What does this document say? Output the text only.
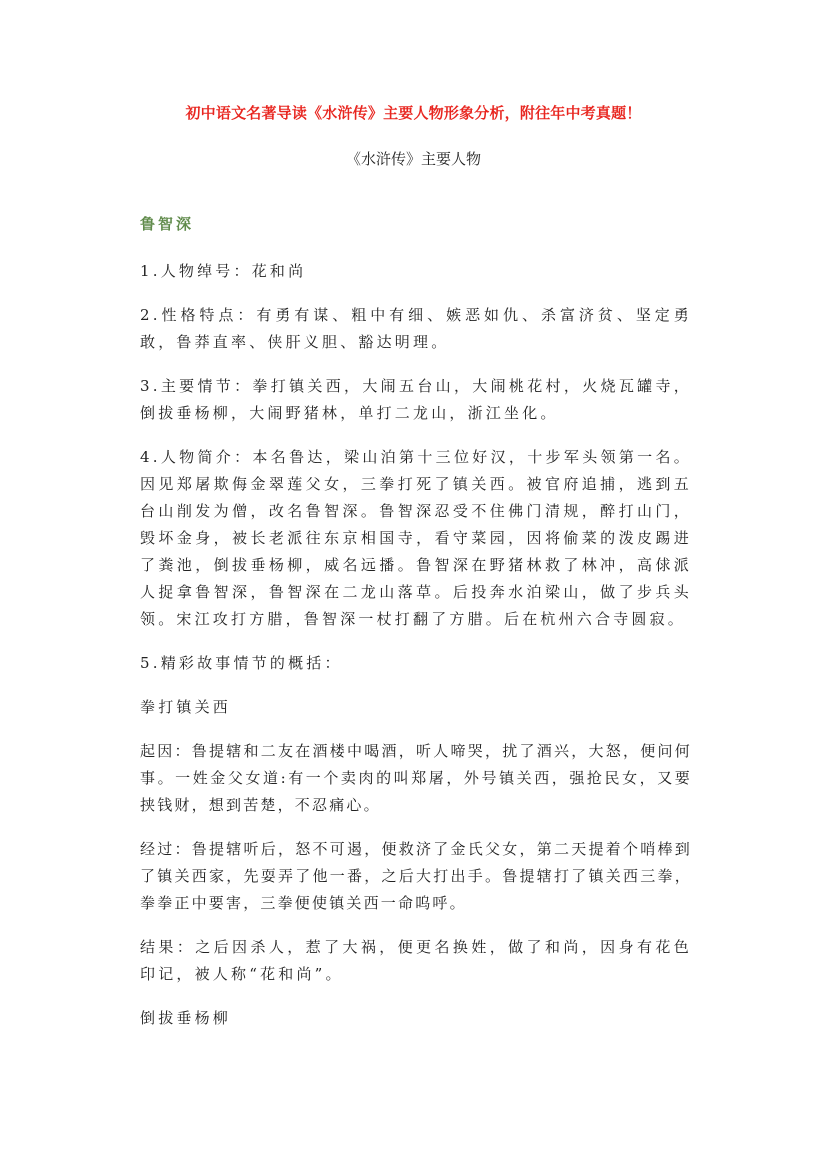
初中语文名著导读《水浒传》主要人物形象分析，附往年中考真题！
《水浒传》主要人物
鲁智深

1.人物绰号：花和尚

2.性格特点：有勇有谋、粗中有细、嫉恶如仇、杀富济贫、坚定勇敢，鲁莽直率、侠肝义胆、豁达明理。

3.主要情节：拳打镇关西，大闹五台山，大闹桃花村，火烧瓦罐寺，倒拔垂杨柳，大闹野猪林，单打二龙山，浙江坐化。

4.人物简介：本名鲁达，梁山泊第十三位好汉，十步军头领第一名。因见郑屠欺侮金翠莲父女，三拳打死了镇关西。被官府追捕，逃到五台山削发为僧，改名鲁智深。鲁智深忍受不住佛门清规，醉打山门，毁坏金身，被长老派往东京相国寺，看守菜园，因将偷菜的泼皮踢进了粪池，倒拔垂杨柳，威名远播。鲁智深在野猪林救了林冲，高俅派人捉拿鲁智深，鲁智深在二龙山落草。后投奔水泊梁山，做了步兵头领。宋江攻打方腊，鲁智深一杖打翻了方腊。后在杭州六合寺圆寂。

5.精彩故事情节的概括：

拳打镇关西

起因：鲁提辖和二友在酒楼中喝酒，听人啼哭，扰了酒兴，大怒，便问何事。一姓金父女道:有一个卖肉的叫郑屠，外号镇关西，强抢民女，又要挟钱财，想到苦楚，不忍痛心。

经过：鲁提辖听后，怒不可遏，便救济了金氏父女，第二天提着个哨棒到了镇关西家，先耍弄了他一番，之后大打出手。鲁提辖打了镇关西三拳，拳拳正中要害，三拳便使镇关西一命呜呼。

结果：之后因杀人，惹了大祸，便更名换姓，做了和尚，因身有花色印记，被人称“花和尚”。

倒拔垂杨柳
